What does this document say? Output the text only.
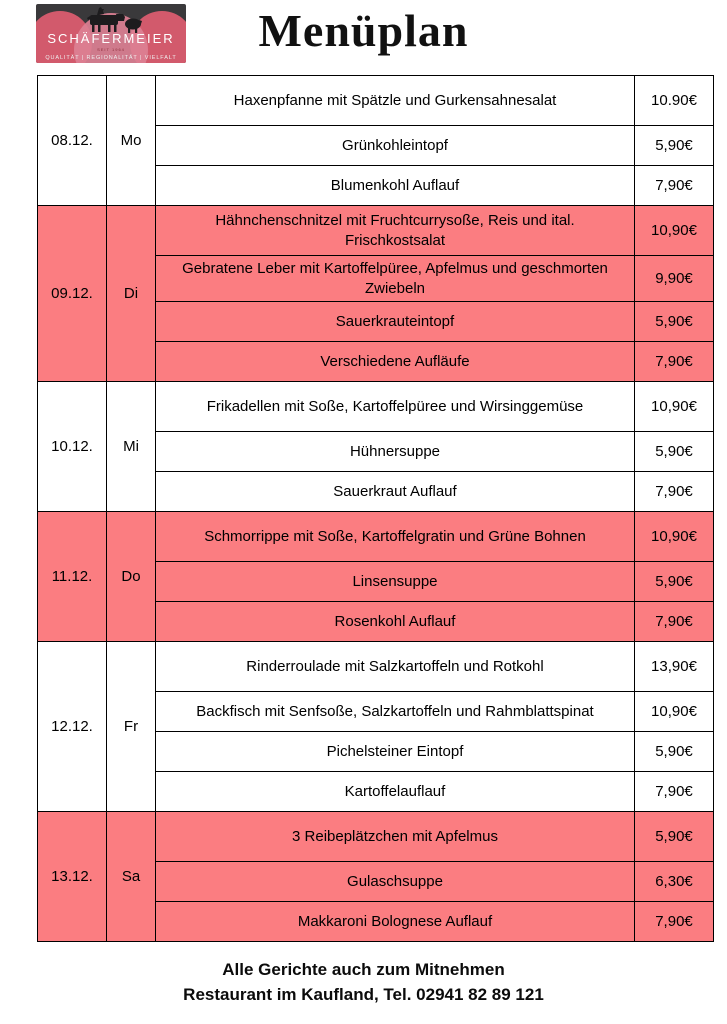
SCHÄFERMEIER
SEIT 1964
QUALITÄT | REGIONALITÄT | VIELFALT
Menüplan
08.12.	Mo	Haxenpfanne mit Spätzle und Gurkensahnesalat	10.90€
		Grünkohleintopf	5,90€
		Blumenkohl Auflauf	7,90€
09.12.	Di	Hähnchenschnitzel mit Fruchtcurrysoße, Reis und ital. Frischkostsalat	10,90€
		Gebratene Leber mit Kartoffelpüree, Apfelmus und geschmorten Zwiebeln	9,90€
		Sauerkrauteintopf	5,90€
		Verschiedene Aufläufe	7,90€
10.12.	Mi	Frikadellen mit Soße, Kartoffelpüree und Wirsinggemüse	10,90€
		Hühnersuppe	5,90€
		Sauerkraut Auflauf	7,90€
11.12.	Do	Schmorrippe mit Soße, Kartoffelgratin und Grüne Bohnen	10,90€
		Linsensuppe	5,90€
		Rosenkohl Auflauf	7,90€
12.12.	Fr	Rinderroulade mit Salzkartoffeln und Rotkohl	13,90€
		Backfisch mit Senfsoße, Salzkartoffeln und Rahmblattspinat	10,90€
		Pichelsteiner Eintopf	5,90€
		Kartoffelauflauf	7,90€
13.12.	Sa	3 Reibeplätzchen mit Apfelmus	5,90€
		Gulaschsuppe	6,30€
		Makkaroni Bolognese Auflauf	7,90€
Alle Gerichte auch zum Mitnehmen
Restaurant im Kaufland, Tel. 02941 82 89 121
